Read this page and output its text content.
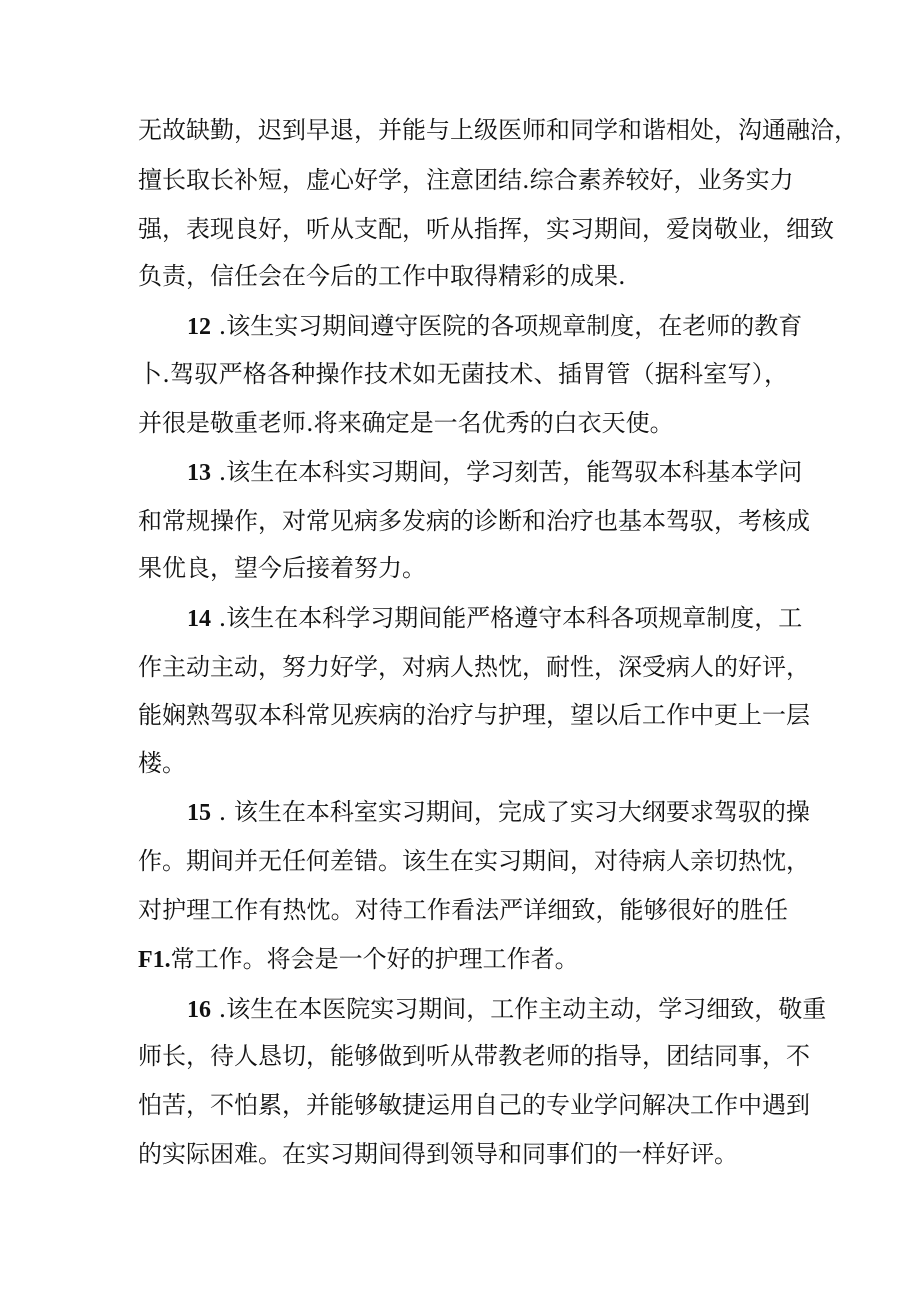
无故缺勤，迟到早退，并能与上级医师和同学和谐相处，沟通融洽，
擅长取长补短，虚心好学，注意团结.综合素养较好，业务实力
强，表现良好，听从支配，听从指挥，实习期间，爱岗敬业，细致
负责，信任会在今后的工作中取得精彩的成果.
12 .该生实习期间遵守医院的各项规章制度，在老师的教育
卜.驾驭严格各种操作技术如无菌技术、插胃管（据科室写），
并很是敬重老师.将来确定是一名优秀的白衣天使。
13 .该生在本科实习期间，学习刻苦，能驾驭本科基本学问
和常规操作，对常见病多发病的诊断和治疗也基本驾驭，考核成
果优良，望今后接着努力。
14 .该生在本科学习期间能严格遵守本科各项规章制度，工
作主动主动，努力好学，对病人热忱，耐性，深受病人的好评，
能娴熟驾驭本科常见疾病的治疗与护理，望以后工作中更上一层
楼。
15 . 该生在本科室实习期间，完成了实习大纲要求驾驭的操
作。期间并无任何差错。该生在实习期间，对待病人亲切热忱，
对护理工作有热忱。对待工作看法严详细致，能够很好的胜任
F1.常工作。将会是一个好的护理工作者。
16 .该生在本医院实习期间，工作主动主动，学习细致，敬重
师长，待人恳切，能够做到听从带教老师的指导，团结同事，不
怕苦，不怕累，并能够敏捷运用自己的专业学问解决工作中遇到
的实际困难。在实习期间得到领导和同事们的一样好评。
